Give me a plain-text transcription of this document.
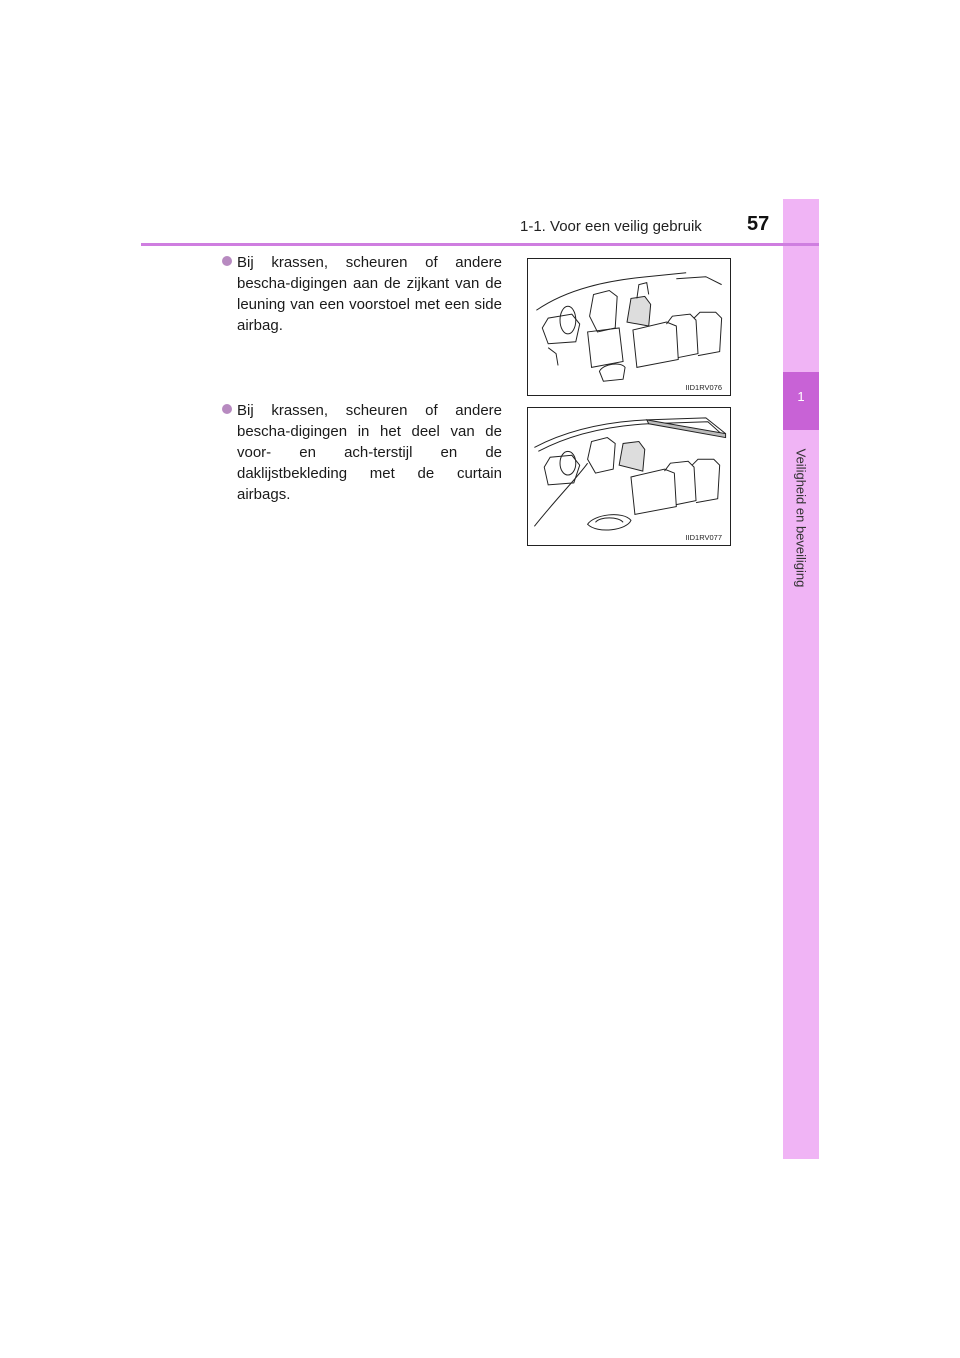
1
Veiligheid en beveiliging
1-1. Voor een veilig gebruik 57
Bij krassen, scheuren of andere bescha-digingen aan de zijkant van de leuning van een voorstoel met een side airbag.
Bij krassen, scheuren of andere bescha-digingen in het deel van de voor- en ach-terstijl en de daklijstbekleding met de curtain airbags.
IID1RV076
IID1RV077
